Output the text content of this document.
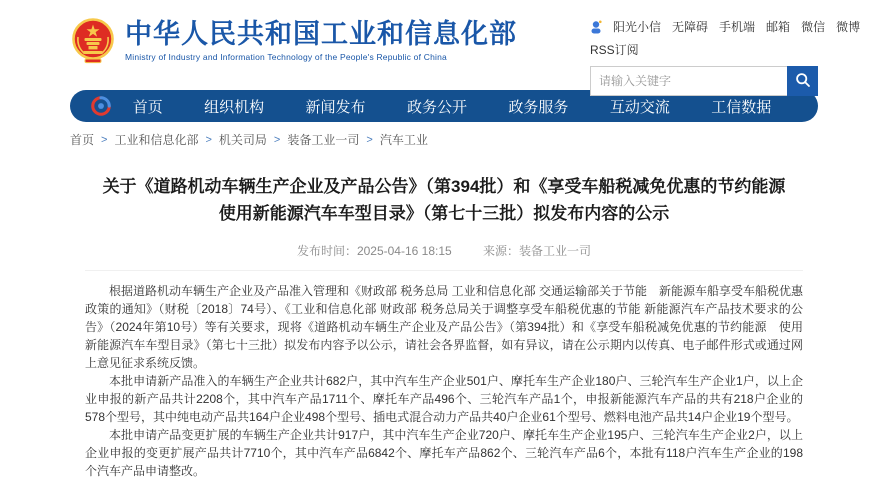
中华人民共和国工业和信息化部
Ministry of Industry and Information Technology of the People's Republic of China
阳光小信 无障碍 手机端 邮箱 微信 微博
RSS订阅
请输入关键字
首页	组织机构	新闻发布	政务公开	政务服务	互动交流	工信数据
首页 > 工业和信息化部 > 机关司局 > 装备工业一司 > 汽车工业
关于《道路机动车辆生产企业及产品公告》（第394批）和《享受车船税减免优惠的节约能源 使用新能源汽车车型目录》（第七十三批）拟发布内容的公示
发布时间：2025-04-16 18:15	来源：装备工业一司

根据道路机动车辆生产企业及产品准入管理和《财政部 税务总局 工业和信息化部 交通运输部关于节能　新能源车船享受车船税优惠政策的通知》（财税〔2018〕74号）、《工业和信息化部 财政部 税务总局关于调整享受车船税优惠的节能 新能源汽车产品技术要求的公告》（2024年第10号）等有关要求，现将《道路机动车辆生产企业及产品公告》（第394批）和《享受车船税减免优惠的节约能源　使用新能源汽车车型目录》（第七十三批）拟发布内容予以公示，请社会各界监督，如有异议，请在公示期内以传真、电子邮件形式或通过网上意见征求系统反馈。

本批申请新产品准入的车辆生产企业共计682户，其中汽车生产企业501户、摩托车生产企业180户、三轮汽车生产企业1户，以上企业申报的新产品共计2208个，其中汽车产品1711个、摩托车产品496个、三轮汽车产品1个，申报新能源汽车产品的共有218户企业的578个型号，其中纯电动产品共164户企业498个型号、插电式混合动力产品共40户企业61个型号、燃料电池产品共14户企业19个型号。

本批申请产品变更扩展的车辆生产企业共计917户，其中汽车生产企业720户、摩托车生产企业195户、三轮汽车生产企业2户，以上企业申报的变更扩展产品共计7710个，其中汽车产品6842个、摩托车产品862个、三轮汽车产品6个，本批有118户汽车生产企业的198个汽车产品申请整改。
